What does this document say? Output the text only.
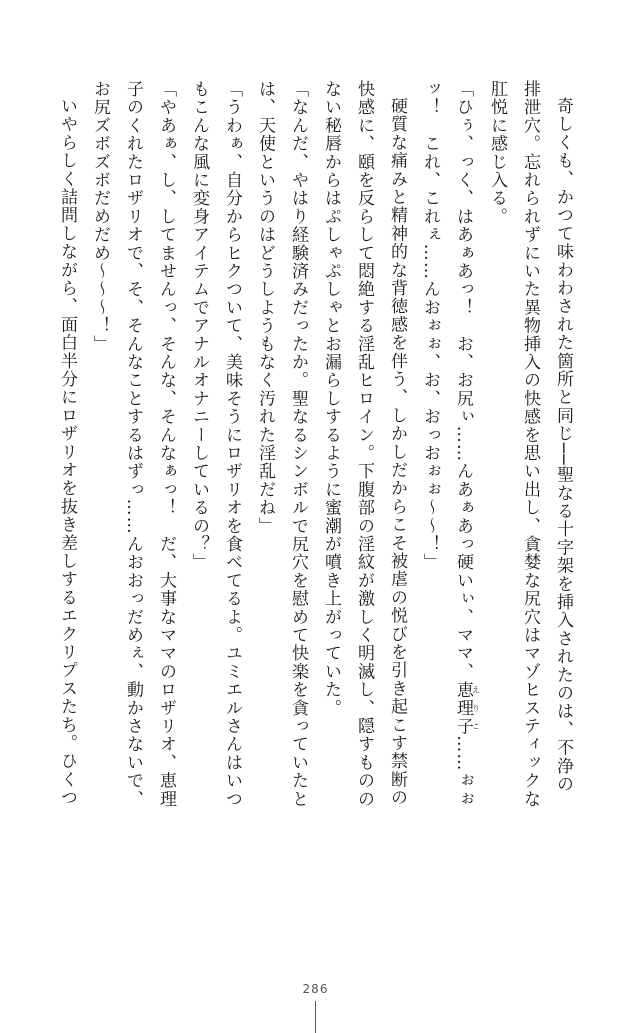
奇しくも、かつて味わわされた箇所と同じ──聖なる十字架を挿入されたのは、不浄の

排泄穴。忘れられずにいた異物挿入の快感を思い出し、貪婪な尻穴はマゾヒスティックな

肛悦に感じ入る。

「ひぅ、っく、はあぁあっ！　お、お尻ぃ……んあぁあっ硬いぃ、ママ、恵理子えりこ……ぉぉ

ッ！　これ、これぇ……んおぉぉ、お、おっおぉぉ〜〜！」

硬質な痛みと精神的な背徳感を伴う、しかしだからこそ被虐の悦びを引き起こす禁断の

快感に、頤を反らして悶絶する淫乱ヒロイン。下腹部の淫紋が激しく明滅し、隠すものの

ない秘唇からはぷしゃぷしゃとお漏らしするように蜜潮が噴き上がっていた。

「なんだ、やはり経験済みだったか。聖なるシンボルで尻穴を慰めて快楽を貪っていたと

は、天使というのはどうしようもなく汚れた淫乱だね」

「うわぁ、自分からヒクついて、美味そうにロザリオを食べてるよ。ユミエルさんはいつ

もこんな風に変身アイテムでアナルオナニーしているの？」

「やあぁ、し、してませんっ、そんな、そんなぁっ！　だ、大事なママのロザリオ、恵理

子のくれたロザリオで、そ、そんなことするはずっ……んおおっだめぇ、動かさないで、

お尻ズボズボだめだめ〜〜〜！」

いやらしく詰問しながら、面白半分にロザリオを抜き差しするエクリプスたち。ひくつ

286
